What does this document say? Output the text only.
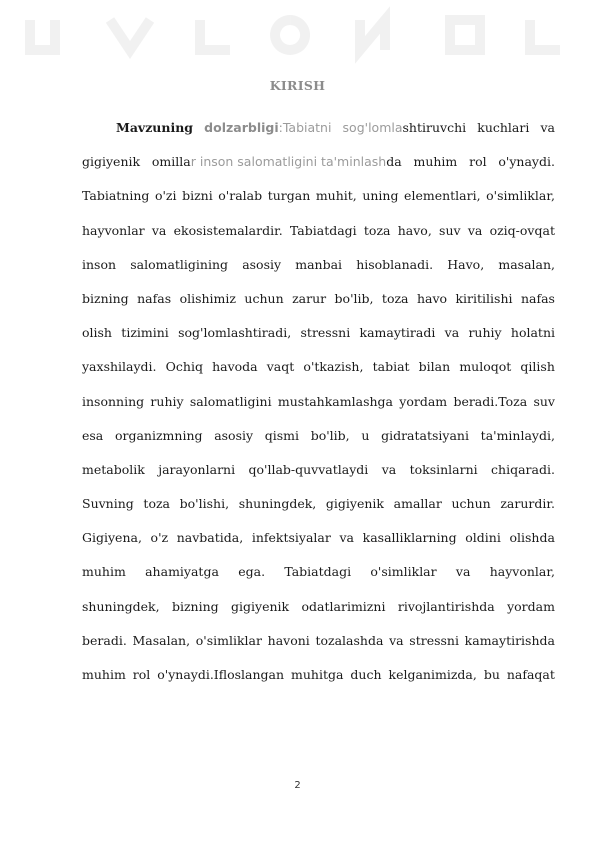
KIRISH
Mavzuning dolzarbligi:Tabiatni sog'lomlashtiruvchi kuchlari va
gigiyenik omillar inson salomatligini ta'minlashda muhim rol o'ynaydi.
Tabiatning o'zi bizni o'ralab turgan muhit, uning elementlari, o'simliklar,
hayvonlar va ekosistemalardir. Tabiatdagi toza havo, suv va oziq-ovqat
inson salomatligining asosiy manbai hisoblanadi. Havo, masalan,
bizning nafas olishimiz uchun zarur bo'lib, toza havo kiritilishi nafas
olish tizimini sog'lomlashtiradi, stressni kamaytiradi va ruhiy holatni
yaxshilaydi. Ochiq havoda vaqt o'tkazish, tabiat bilan muloqot qilish
insonning ruhiy salomatligini mustahkamlashga yordam beradi.Toza suv
esa organizmning asosiy qismi bo'lib, u gidratatsiyani ta'minlaydi,
metabolik jarayonlarni qo'llab-quvvatlaydi va toksinlarni chiqaradi.
Suvning toza bo'lishi, shuningdek, gigiyenik amallar uchun zarurdir.
Gigiyena, o'z navbatida, infektsiyalar va kasalliklarning oldini olishda
muhim ahamiyatga ega. Tabiatdagi o'simliklar va hayvonlar,
shuningdek, bizning gigiyenik odatlarimizni rivojlantirishda yordam
beradi. Masalan, o'simliklar havoni tozalashda va stressni kamaytirishda
muhim rol o'ynaydi.Ifloslangan muhitga duch kelganimizda, bu nafaqat
2
